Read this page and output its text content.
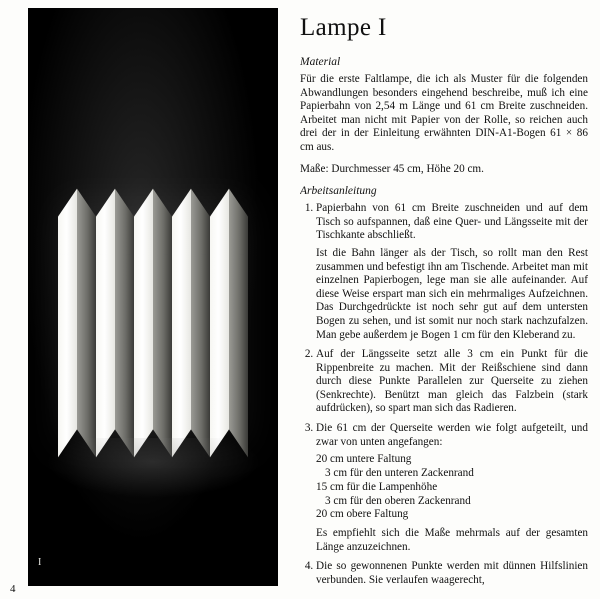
I
Lampe I
Material

Für die erste Faltlampe, die ich als Muster für die folgenden Abwandlungen besonders eingehend beschreibe, muß ich eine Papierbahn von 2,54 m Länge und 61 cm Breite zuschneiden. Arbeitet man nicht mit Papier von der Rolle, so reichen auch drei der in der Einleitung erwähnten DIN-A1-Bogen 61 × 86 cm aus.

Maße: Durchmesser 45 cm, Höhe 20 cm.

Arbeitsanleitung
1. Papierbahn von 61 cm Breite zuschneiden und auf dem Tisch so aufspannen, daß eine Quer- und Längsseite mit der Tischkante abschließt.
Ist die Bahn länger als der Tisch, so rollt man den Rest zusammen und befestigt ihn am Tischende. Arbeitet man mit einzelnen Papierbogen, lege man sie alle aufeinander. Auf diese Weise erspart man sich ein mehrmaliges Aufzeichnen. Das Durchgedrückte ist noch sehr gut auf dem untersten Bogen zu sehen, und ist somit nur noch stark nachzufalzen. Man gebe außerdem je Bogen 1 cm für den Kleberand zu.
2. Auf der Längsseite setzt alle 3 cm ein Punkt für die Rippenbreite zu machen. Mit der Reißschiene sind dann durch diese Punkte Parallelen zur Querseite zu ziehen (Senkrechte). Benützt man gleich das Falzbein (stark aufdrücken), so spart man sich das Radieren.
3. Die 61 cm der Querseite werden wie folgt aufgeteilt, und zwar von unten angefangen:
20 cm untere Faltung
3 cm für den unteren Zackenrand
15 cm für die Lampenhöhe
3 cm für den oberen Zackenrand
20 cm obere Faltung
Es empfiehlt sich die Maße mehrmals auf der gesamten Länge anzuzeichnen.
4. Die so gewonnenen Punkte werden mit dünnen Hilfslinien verbunden. Sie verlaufen waagerecht,
4
